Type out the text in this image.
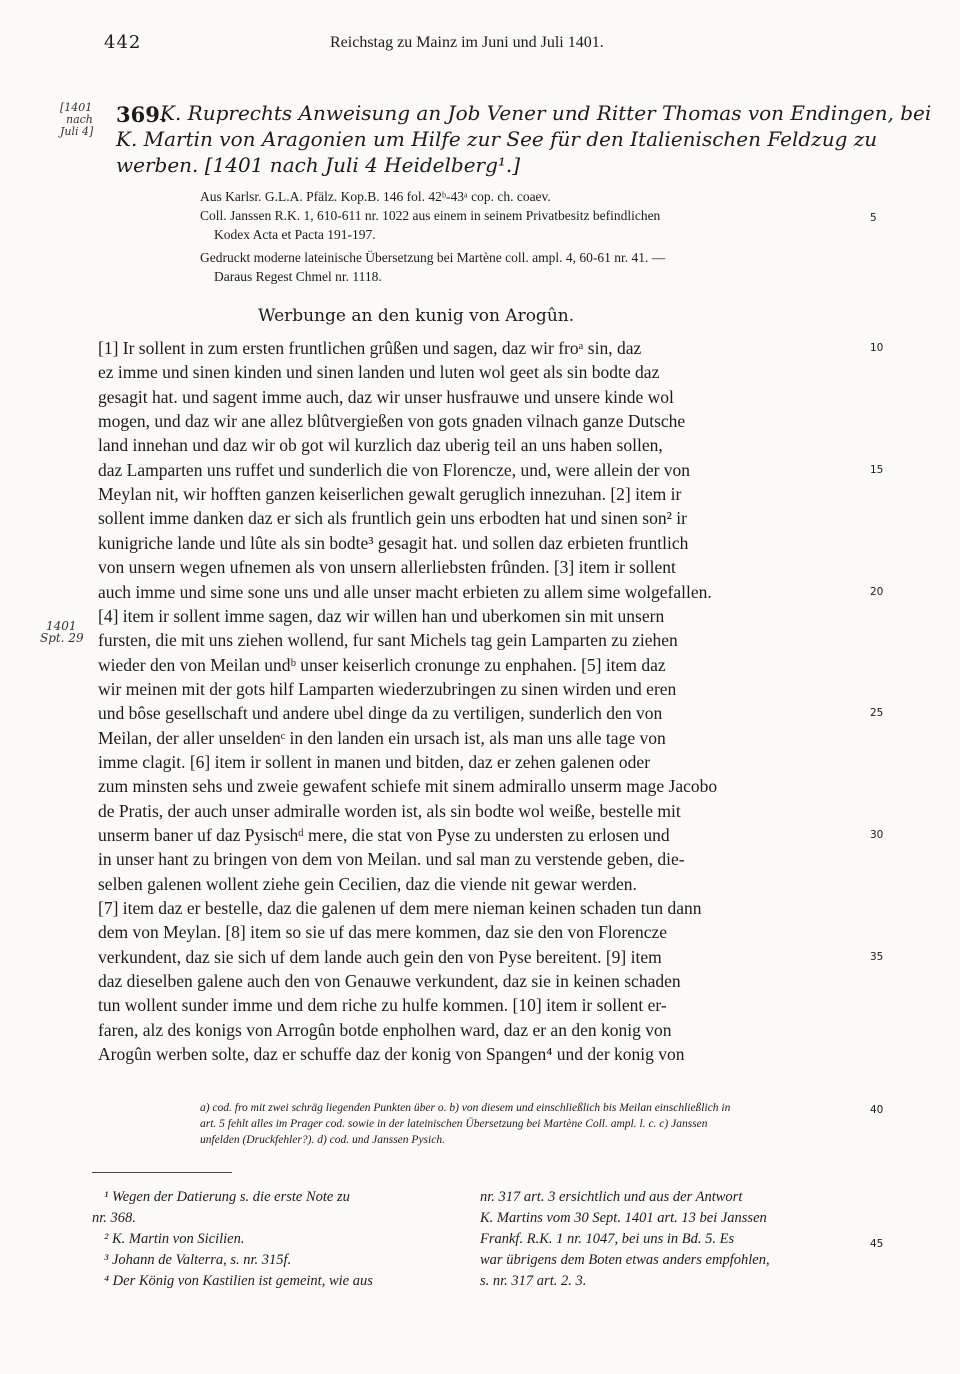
442	Reichstag zu Mainz im Juni und Juli 1401.
[1401
nach
Juli 4]
369.
K. Ruprechts Anweisung an Job Vener und Ritter Thomas von Endingen, bei
K. Martin von Aragonien um Hilfe zur See für den Italienischen Feldzug zu
werben. [1401 nach Juli 4 Heidelberg¹.]
Aus Karlsr. G.L.A. Pfälz. Kop.B. 146 fol. 42ᵇ-43ᵃ cop. ch. coaev.
Coll. Janssen R.K. 1, 610-611 nr. 1022 aus einem in seinem Privatbesitz befindlichen
Kodex Acta et Pacta 191-197.
Gedruckt moderne lateinische Übersetzung bei Martène coll. ampl. 4, 60-61 nr. 41. —
Daraus Regest Chmel nr. 1118.
5
Werbunge an den kunig von Arogûn.
[1] Ir sollent in zum ersten fruntlichen grûßen und sagen, daz wir froᵃ sin, daz
ez imme und sinen kinden und sinen landen und luten wol geet als sin bodte daz
gesagit hat. und sagent imme auch, daz wir unser husfrauwe und unsere kinde wol
mogen, und daz wir ane allez blûtvergießen von gots gnaden vilnach ganze Dutsche
land innehan und daz wir ob got wil kurzlich daz uberig teil an uns haben sollen,
daz Lamparten uns ruffet und sunderlich die von Florencze, und, were allein der von
Meylan nit, wir hofften ganzen keiserlichen gewalt geruglich innezuhan. [2] item ir
sollent imme danken daz er sich als fruntlich gein uns erbodten hat und sinen son² ir
kunigriche lande und lûte als sin bodte³ gesagit hat. und sollen daz erbieten fruntlich
von unsern wegen ufnemen als von unsern allerliebsten frûnden. [3] item ir sollent
auch imme und sime sone uns und alle unser macht erbieten zu allem sime wolgefallen.
[4] item ir sollent imme sagen, daz wir willen han und uberkomen sin mit unsern
fursten, die mit uns ziehen wollend, fur sant Michels tag gein Lamparten zu ziehen
wieder den von Meilan undᵇ unser keiserlich cronunge zu enphahen. [5] item daz
wir meinen mit der gots hilf Lamparten wiederzubringen zu sinen wirden und eren
und bôse gesellschaft und andere ubel dinge da zu vertiligen, sunderlich den von
Meilan, der aller unseldenᶜ in den landen ein ursach ist, als man uns alle tage von
imme clagit. [6] item ir sollent in manen und bitden, daz er zehen galenen oder
zum minsten sehs und zweie gewafent schiefe mit sinem admirallo unserm mage Jacobo
de Pratis, der auch unser admiralle worden ist, als sin bodte wol weiße, bestelle mit
unserm baner uf daz Pysischᵈ mere, die stat von Pyse zu understen zu erlosen und
in unser hant zu bringen von dem von Meilan. und sal man zu verstende geben, die-
selben galenen wollent ziehe gein Cecilien, daz die viende nit gewar werden.
[7] item daz er bestelle, daz die galenen uf dem mere nieman keinen schaden tun dann
dem von Meylan. [8] item so sie uf das mere kommen, daz sie den von Florencze
verkundent, daz sie sich uf dem lande auch gein den von Pyse bereitent. [9] item
daz dieselben galene auch den von Genauwe verkundent, daz sie in keinen schaden
tun wollent sunder imme und dem riche zu hulfe kommen. [10] item ir sollent er-
faren, alz des konigs von Arrogûn botde enpholhen ward, daz er an den konig von
Arogûn werben solte, daz er schuffe daz der konig von Spangen⁴ und der konig von
10
15
20
25
30
35
1401
Spt. 29
a) cod. fro mit zwei schräg liegenden Punkten über o. b) von diesem und einschließlich bis Meilan einschließlich in
art. 5 fehlt alles im Prager cod. sowie in der lateinischen Übersetzung bei Martène Coll. ampl. l. c. c) Janssen
unfelden (Druckfehler?). d) cod. und Janssen Pysich.
40
¹ Wegen der Datierung s. die erste Note zu
nr. 368.
² K. Martin von Sicilien.
³ Johann de Valterra, s. nr. 315f.
⁴ Der König von Kastilien ist gemeint, wie aus
nr. 317 art. 3 ersichtlich und aus der Antwort
K. Martins vom 30 Sept. 1401 art. 13 bei Janssen
Frankf. R.K. 1 nr. 1047, bei uns in Bd. 5. Es
war übrigens dem Boten etwas anders empfohlen,
s. nr. 317 art. 2. 3.
45
